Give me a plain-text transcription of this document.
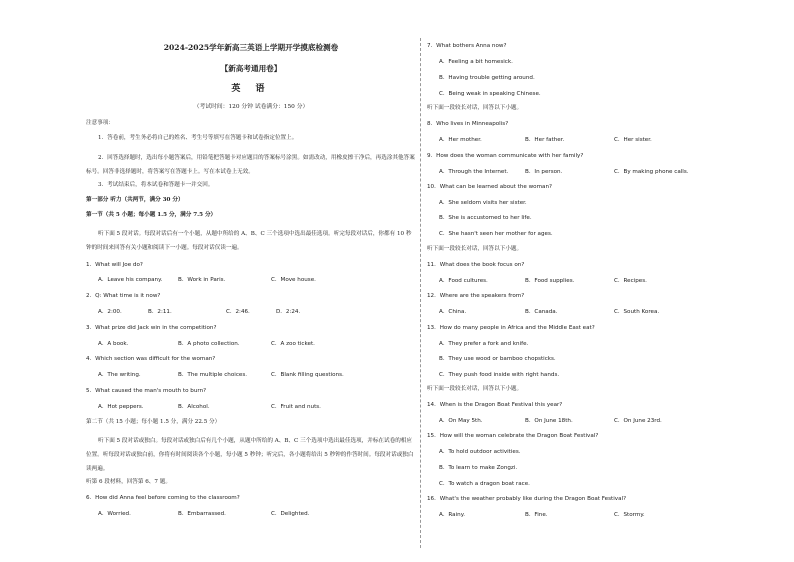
2024-2025学年新高三英语上学期开学摸底检测卷
【新高考通用卷】
英 语
（考试时间：120 分钟 试卷满分：150 分）
注意事项：
1．答卷前，考生务必将自己的姓名、考生号等填写在答题卡和试卷指定位置上。
2．回答选择题时，选出每小题答案后，用铅笔把答题卡对应题目的答案标号涂黑。如需改动，用橡皮擦干净后，再选涂其他答案标号。回答非选择题时，将答案写在答题卡上。写在本试卷上无效。
3．考试结束后，将本试卷和答题卡一并交回。
第一部分 听力（共两节，满分 30 分）
第一节（共 5 小题；每小题 1.5 分，满分 7.5 分）
听下面 5 段对话。每段对话后有一个小题，从题中所给的 A、B、C 三个选项中选出最佳选项。听完每段对话后，你都有 10 秒钟的时间来回答有关小题和阅读下一小题。每段对话仅读一遍。
1．What will Joe do?
A．Leave his company.	B．Work in Paris.	C．Move house.
2．Q: What time is it now?
A．2:00.	B．2:11.	C．2:46.	D．2:24.
3．What prize did Jack win in the competition?
A．A book.	B．A photo collection.	C．A zoo ticket.
4．Which section was difficult for the woman?
A．The writing.	B．The multiple choices.	C．Blank filling questions.
5．What caused the man's mouth to burn?
A．Hot peppers.	B．Alcohol.	C．Fruit and nuts.
第二节（共 15 小题；每小题 1.5 分，满分 22.5 分）
听下面 5 段对话或独白。每段对话或独白后有几个小题，从题中所给的 A、B、C 三个选项中选出最佳选项，并标在试卷的相应位置。听每段对话或独白前，你将有时间阅读各个小题，每小题 5 秒钟；听完后，各小题将给出 5 秒钟的作答时间。每段对话或独白读两遍。
听第 6 段材料，回答第 6、7 题。
6．How did Anna feel before coming to the classroom?
A．Worried.	B．Embarrassed.	C．Delighted.
7．What bothers Anna now?
A．Feeling a bit homesick.
B．Having trouble getting around.
C．Being weak in speaking Chinese.
听下面一段较长对话，回答以下小题。
8．Who lives in Minneapolis?
A．Her mother.	B．Her father.	C．Her sister.
9．How does the woman communicate with her family?
A．Through the Internet.	B．In person.	C．By making phone calls.
10．What can be learned about the woman?
A．She seldom visits her sister.
B．She is accustomed to her life.
C．She hasn't seen her mother for ages.
听下面一段较长对话，回答以下小题。
11．What does the book focus on?
A．Food cultures.	B．Food supplies.	C．Recipes.
12．Where are the speakers from?
A．China.	B．Canada.	C．South Korea.
13．How do many people in Africa and the Middle East eat?
A．They prefer a fork and knife.
B．They use wood or bamboo chopsticks.
C．They push food inside with right hands.
听下面一段较长对话，回答以下小题。
14．When is the Dragon Boat Festival this year?
A．On May 5th.	B．On June 18th.	C．On June 23rd.
15．How will the woman celebrate the Dragon Boat Festival?
A．To hold outdoor activities.
B．To learn to make Zongzi.
C．To watch a dragon boat race.
16．What's the weather probably like during the Dragon Boat Festival?
A．Rainy.	B．Fine.	C．Stormy.
